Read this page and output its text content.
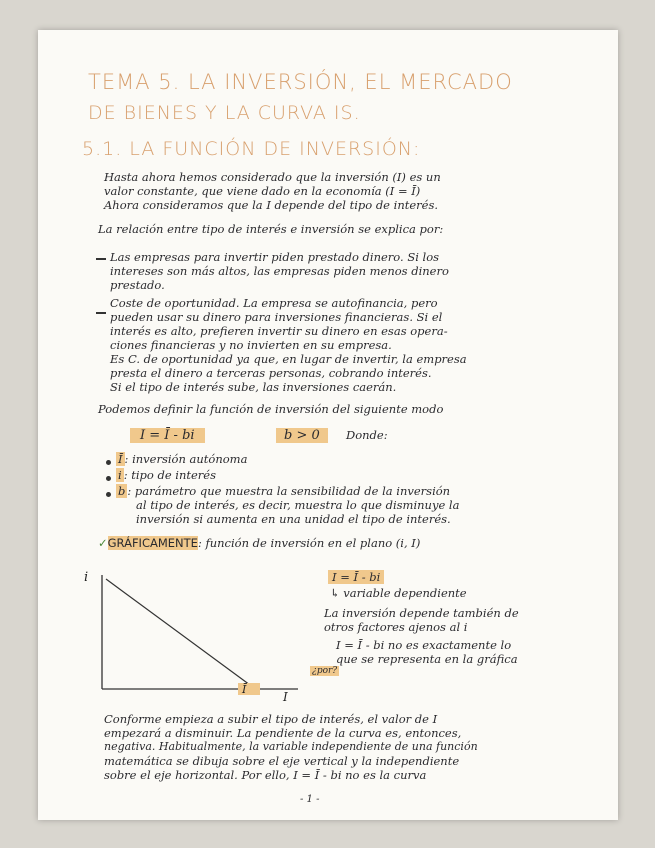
TEMA 5. LA INVERSIÓN, EL MERCADO
DE BIENES Y LA CURVA IS.
5.1. LA FUNCIÓN DE INVERSIÓN:
Hasta ahora hemos considerado que la inversión (I) es un
valor constante, que viene dado en la economía (I = Ī)
Ahora consideramos que la I depende del tipo de interés.
La relación entre tipo de interés e inversión se explica por:
Las empresas para invertir piden prestado dinero. Si los
intereses son más altos, las empresas piden menos dinero
prestado.
Coste de oportunidad. La empresa se autofinancia, pero
pueden usar su dinero para inversiones financieras. Si el
interés es alto, prefieren invertir su dinero en esas opera-
ciones financieras y no invierten en su empresa.
Es C. de oportunidad ya que, en lugar de invertir, la empresa
presta el dinero a terceras personas, cobrando interés.
Si el tipo de interés sube, las inversiones caerán.
Podemos definir la función de inversión del siguiente modo
I = Ī - bi	b > 0	Donde:
Ī : inversión autónoma
i : tipo de interés
b : parámetro que muestra la sensibilidad de la inversión
al tipo de interés, es decir, muestra lo que disminuye la
inversión si aumenta en una unidad el tipo de interés.
✓GRÁFICAMENTE: función de inversión en el plano (i, I)
i
I
Ī
I = Ī - bi
↳ variable dependiente
La inversión depende también de
otros factores ajenos al i
I = Ī - bi no es exactamente lo
que se representa en la gráfica
¿por?
Conforme empieza a subir el tipo de interés, el valor de I
empezará a disminuir. La pendiente de la curva es, entonces,
negativa. Habitualmente, la variable independiente de una función
matemática se dibuja sobre el eje vertical y la independiente
sobre el eje horizontal. Por ello, I = Ī - bi no es la curva
- 1 -
